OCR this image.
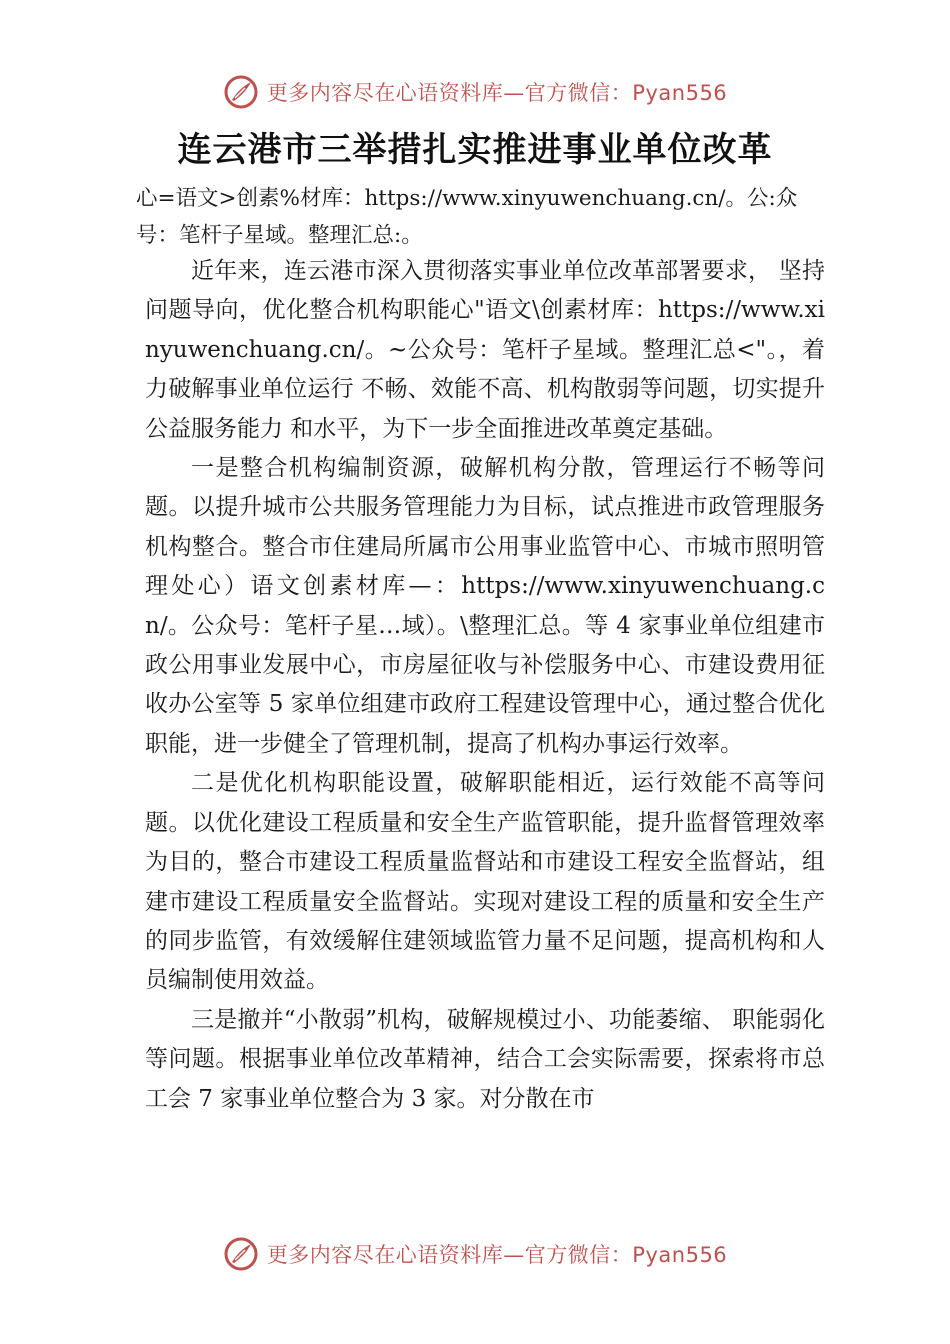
更多内容尽在心语资料库—官方微信：Pyan556
连云港市三举措扎实推进事业单位改革
心=语文>创素%材库：https://www.xinyuwenchuang.cn/。公:众号：笔杆子星域。整理汇总:。

近年来，连云港市深入贯彻落实事业单位改革部署要求， 坚持问题导向，优化整合机构职能心"语文\创素材库：https://www.xinyuwenchuang.cn/。~公众号：笔杆子星域。整理汇总<"。，着力破解事业单位运行 不畅、效能不高、机构散弱等问题，切实提升公益服务能力 和水平，为下一步全面推进改革奠定基础。

一是整合机构编制资源，破解机构分散，管理运行不畅等问题。以提升城市公共服务管理能力为目标，试点推进市政管理服务机构整合。整合市住建局所属市公用事业监管中心、市城市照明管理处心）语文创素材库—：https://www.xinyuwenchuang.cn/。公众号：笔杆子星…域）。\整理汇总。等 4 家事业单位组建市政公用事业发展中心，市房屋征收与补偿服务中心、市建设费用征收办公室等 5 家单位组建市政府工程建设管理中心，通过整合优化职能，进一步健全了管理机制，提高了机构办事运行效率。

二是优化机构职能设置，破解职能相近，运行效能不高等问题。以优化建设工程质量和安全生产监管职能，提升监督管理效率为目的，整合市建设工程质量监督站和市建设工程安全监督站，组建市建设工程质量安全监督站。实现对建设工程的质量和安全生产的同步监管，有效缓解住建领域监管力量不足问题，提高机构和人员编制使用效益。

三是撤并“小散弱”机构，破解规模过小、功能萎缩、 职能弱化等问题。根据事业单位改革精神，结合工会实际需要，探索将市总工会 7 家事业单位整合为 3 家。对分散在市

更多内容尽在心语资料库—官方微信：Pyan556
